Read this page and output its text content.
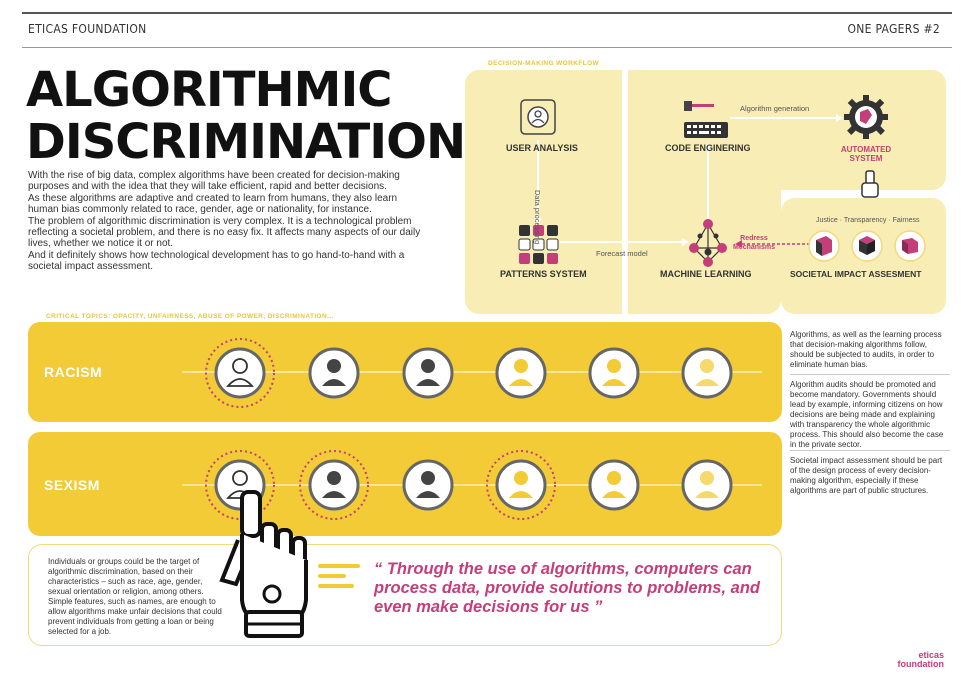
ETICAS FOUNDATION	ONE PAGERS #2
ALGORITHMIC
DISCRIMINATION

With the rise of big data, complex algorithms have been created for decision-making purposes and with the idea that they will take efficient, rapid and better decisions.

As these algorithms are adaptive and created to learn from humans, they also learn human bias commonly related to race, gender, age or nationality, for instance.

The problem of algorithmic discrimination is very complex. It is a technological problem reflecting a societal problem, and there is no easy fix. It affects many aspects of our daily lives, whether we notice it or not.

And it definitely shows how technological development has to go hand-to-hand with a societal impact assessment.

DECISION-MAKING WORKFLOW
USER ANALYSIS	CODE ENGINERING	AUTOMATED
SYSTEM
PATTERNS SYSTEM	MACHINE LEARNING	SOCIETAL IMPACT ASSESMENT
Algorithm generation
Data processing
Forecast model
Redress
Mechanisms
Justice · Transparency · Fairness
CRITICAL TOPICS: OPACITY, UNFAIRNESS, ABUSE OF POWER, DISCRIMINATION...
RACISM
SEXISM
Algorithms, as well as the learning process that decision-making algorithms follow, should be subjected to audits, in order to eliminate human bias.
Algorithm audits should be promoted and become mandatory. Governments should lead by example, informing citizens on how decisions are being made and explaining with transparency the whole algorithmic process. This should also become the case in the private sector.
Societal impact assessment should be part of the design process of every decision-making algorithm, especially if these algorithms are part of public structures.
Individuals or groups could be the target of algorithmic discrimination, based on their characteristics – such as race, age, gender, sexual orientation or religion, among others. Simple features, such as names, are enough to allow algorithms make unfair decisions that could prevent individuals from getting a loan or being selected for a job.
“ Through the use of algorithms, computers can process data, provide solutions to problems, and even make decisions for us ”
eticas
foundation
